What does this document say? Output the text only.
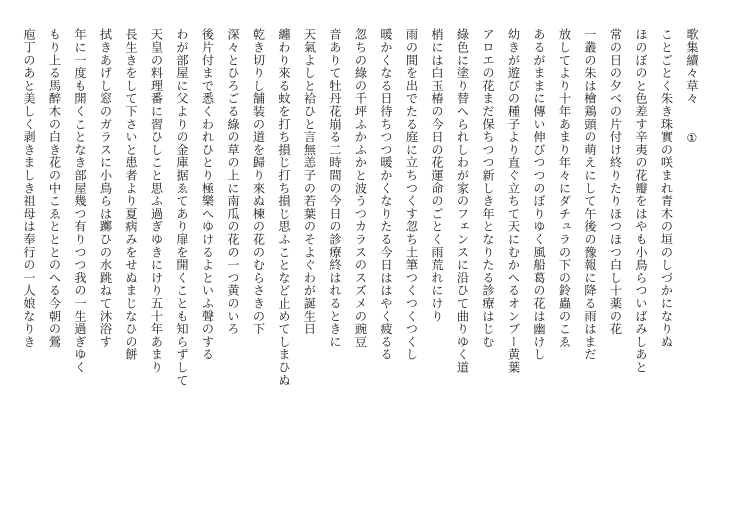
歌集續々草々①
ことごとく朱き珠實の咲まれ青木の垣のしづかになりぬ
ほのぼのと色差す辛夷の花瓣をはやも小鳥らついばみしあと
常の日の夕べの片付け終りたりほつほつ白し十薬の花
一叢の朱は檜鶏頭の萌えにして午後の豫報に降る雨はまだ
放してより十年あまり年々にダチュラの下の鈴蟲のこゑ
あるがままに傳い伸びつつのぼりゆく風船葛の花は幽けし
幼きが遊びの種子より直ぐ立ちて天にむかへるオンブー黄葉
アロエの花まだ保ちつつ新しき年となりたる診療はじむ
綠色に塗り替へられしわが家のフェンスに沿ひて曲りゆく道
梢には白玉椿の今日の花運命のごとく雨荒れにけり
雨の間を出でたる庭に立ちつくす忽ち土筆つくつくつくし
暖かくなる日待ちつつ暖かくなりたる今日ははやく疲るる
忽ちの綠の千坪ふかふかと波うつカラスのスズメの豌豆
音ありて牡丹花崩る二時間の今日の診療終はれるときに
天氣よしと袷ひと言無恙子の若葉のそよぐわが誕生日
纏わり來る蚊を打ち損じ打ち損じ思ふことなど止めてしまひぬ
乾き切りし舗装の道を歸り來ぬ楝の花のむらさきの下
深々とひろごる綠の草の上に南瓜の花の一つ黄のいろ
後片付まで悉くわれひとり極樂へゆけるよといふ聲のする
わが部屋に父よりの金庫据ゑてあり扉を開くことも知らずして
天皇の料理番に習ひしこと思ふ過ぎゆきにけり五十年あまり
長生きをして下さいと患者より夏病みをせぬまじなひの餅
拭きあげし窓のガラスに小鳥らは躑ひの水跳ねて沐浴す
年に一度も開くことなき部屋幾つ有りつつ我の一生過ぎゆく
もり上る馬醉木の白き花の中こゑとととのへる今朝の鶯
庖丁のあと美しく剥きましき祖母は奉行の一人娘なりき
